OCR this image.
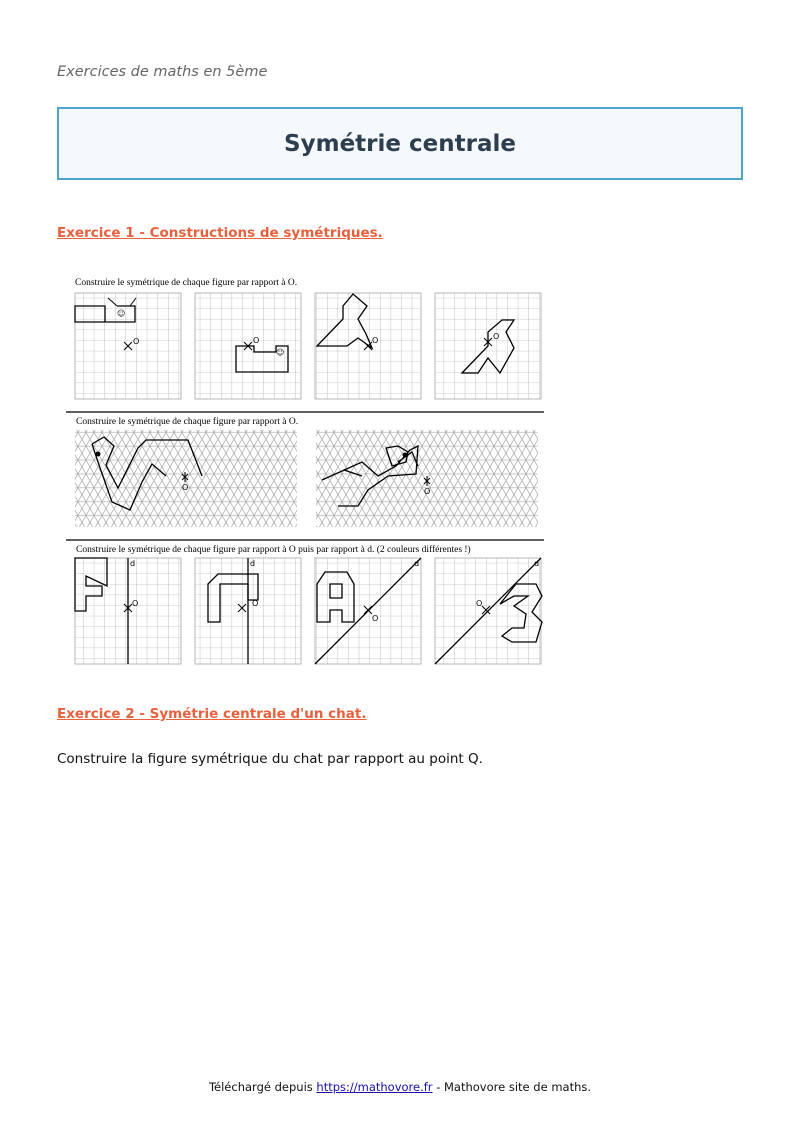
Exercices de maths en 5ème
Symétrie centrale
Exercice 1 - Constructions de symétriques.
Construire le symétrique de chaque figure par rapport à O.
☺
O
☺
O	O	O
Construire le symétrique de chaque figure par rapport à O.
O	O
Construire le symétrique de chaque figure par rapport à O puis par rapport à d. (2 couleurs différentes !)
d
O
d
O
d
O
d
O
Exercice 2 - Symétrie centrale d'un chat.
Construire la figure symétrique du chat par rapport au point Q.
Téléchargé depuis https://mathovore.fr - Mathovore site de maths.
